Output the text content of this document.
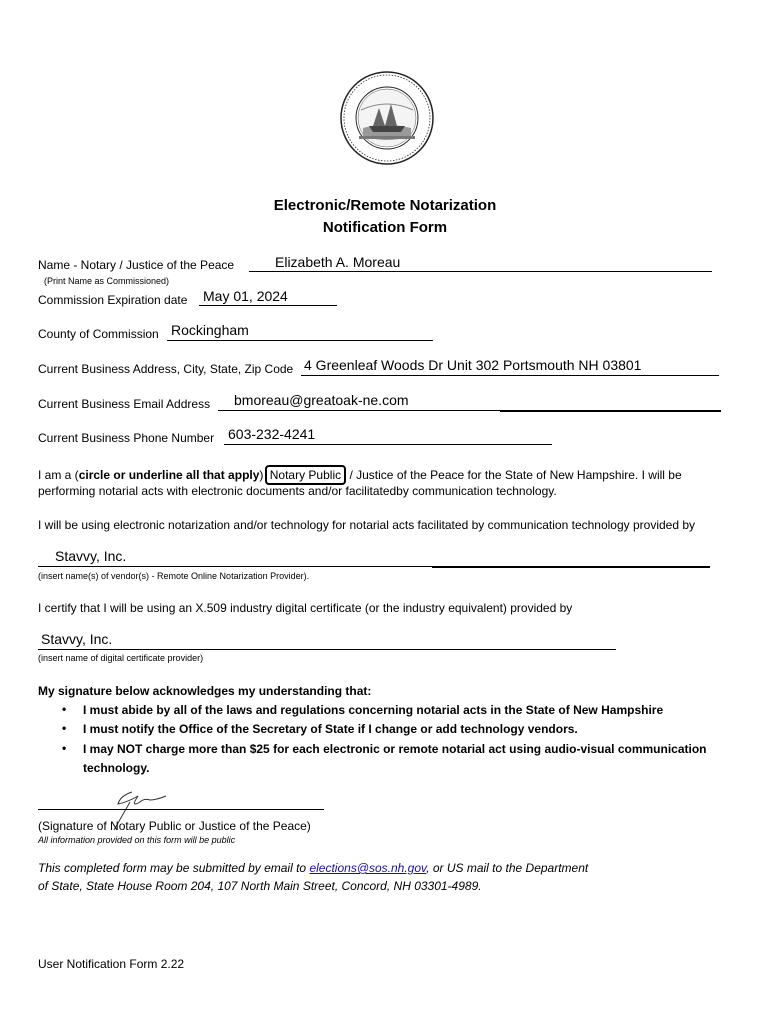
Electronic/Remote Notarization
Notification Form
Name - Notary / Justice of the Peace	Elizabeth A. Moreau
(Print Name as Commissioned)
Commission Expiration date May 01, 2024
County of Commission Rockingham
Current Business Address, City, State, Zip Code 4 Greenleaf Woods Dr Unit 302 Portsmouth NH 03801
Current Business Email Address bmoreau@greatoak-ne.com
Current Business Phone Number 603-232-4241
I am a (circle or underline all that apply) Notary Public / Justice of the Peace for the State of New Hampshire. I will be
performing notarial acts with electronic documents and/or facilitatedby communication technology.
I will be using electronic notarization and/or technology for notarial acts facilitated by communication technology provided by
Stavvy, Inc.
(insert name(s) of vendor(s) - Remote Online Notarization Provider).
I certify that I will be using an X.509 industry digital certificate (or the industry equivalent) provided by
Stavvy, Inc.
(insert name of digital certificate provider)
My signature below acknowledges my understanding that:
• I must abide by all of the laws and regulations concerning notarial acts in the State of New Hampshire
• I must notify the Office of the Secretary of State if I change or add technology vendors.
• I may NOT charge more than $25 for each electronic or remote notarial act using audio-visual communication
technology.
(Signature of Notary Public or Justice of the Peace)
All information provided on this form will be public
This completed form may be submitted by email to elections@sos.nh.gov, or US mail to the Department
of State, State House Room 204, 107 North Main Street, Concord, NH 03301-4989.
User Notification Form 2.22
